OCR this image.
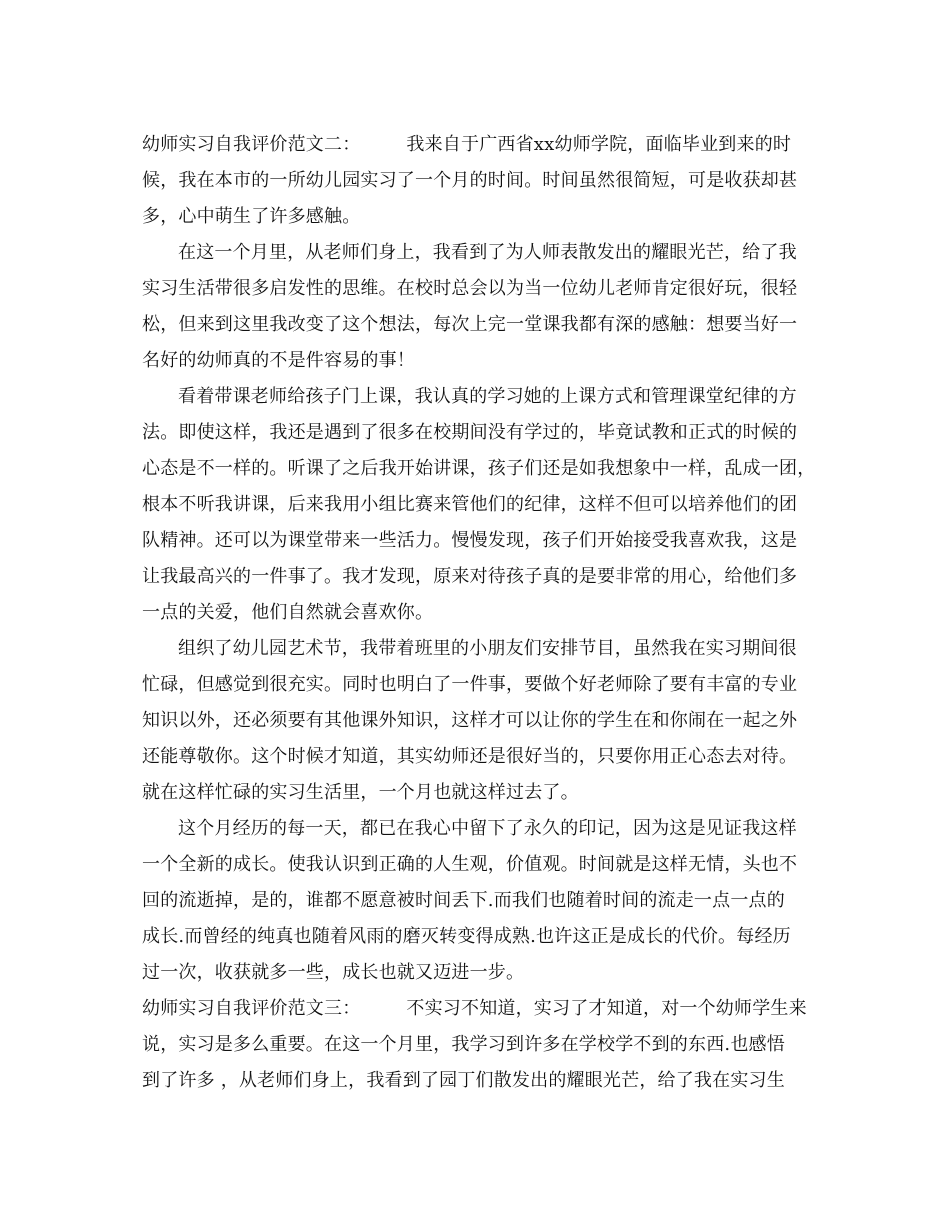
幼师实习自我评价范文二：	我来自于广西省xx幼师学院，面临毕业到来的时
候，我在本市的一所幼儿园实习了一个月的时间。时间虽然很简短，可是收获却甚
多，心中萌生了许多感触。
在这一个月里，从老师们身上，我看到了为人师表散发出的耀眼光芒，给了我
实习生活带很多启发性的思维。在校时总会以为当一位幼儿老师肯定很好玩，很轻
松，但来到这里我改变了这个想法，每次上完一堂课我都有深的感触：想要当好一
名好的幼师真的不是件容易的事！
看着带课老师给孩子门上课，我认真的学习她的上课方式和管理课堂纪律的方
法。即使这样，我还是遇到了很多在校期间没有学过的，毕竟试教和正式的时候的
心态是不一样的。听课了之后我开始讲课，孩子们还是如我想象中一样，乱成一团，
根本不听我讲课，后来我用小组比赛来管他们的纪律，这样不但可以培养他们的团
队精神。还可以为课堂带来一些活力。慢慢发现，孩子们开始接受我喜欢我，这是
让我最高兴的一件事了。我才发现，原来对待孩子真的是要非常的用心，给他们多
一点的关爱，他们自然就会喜欢你。
组织了幼儿园艺术节，我带着班里的小朋友们安排节目，虽然我在实习期间很
忙碌，但感觉到很充实。同时也明白了一件事，要做个好老师除了要有丰富的专业
知识以外，还必须要有其他课外知识，这样才可以让你的学生在和你闹在一起之外
还能尊敬你。这个时候才知道，其实幼师还是很好当的，只要你用正心态去对待。
就在这样忙碌的实习生活里，一个月也就这样过去了。
这个月经历的每一天，都已在我心中留下了永久的印记，因为这是见证我这样
一个全新的成长。使我认识到正确的人生观，价值观。时间就是这样无情，头也不
回的流逝掉，是的，谁都不愿意被时间丢下.而我们也随着时间的流走一点一点的
成长.而曾经的纯真也随着风雨的磨灭转变得成熟.也许这正是成长的代价。每经历
过一次，收获就多一些，成长也就又迈进一步。
幼师实习自我评价范文三：	不实习不知道，实习了才知道，对一个幼师学生来
说，实习是多么重要。在这一个月里，我学习到许多在学校学不到的东西.也感悟
到了许多 ，从老师们身上，我看到了园丁们散发出的耀眼光芒，给了我在实习生
